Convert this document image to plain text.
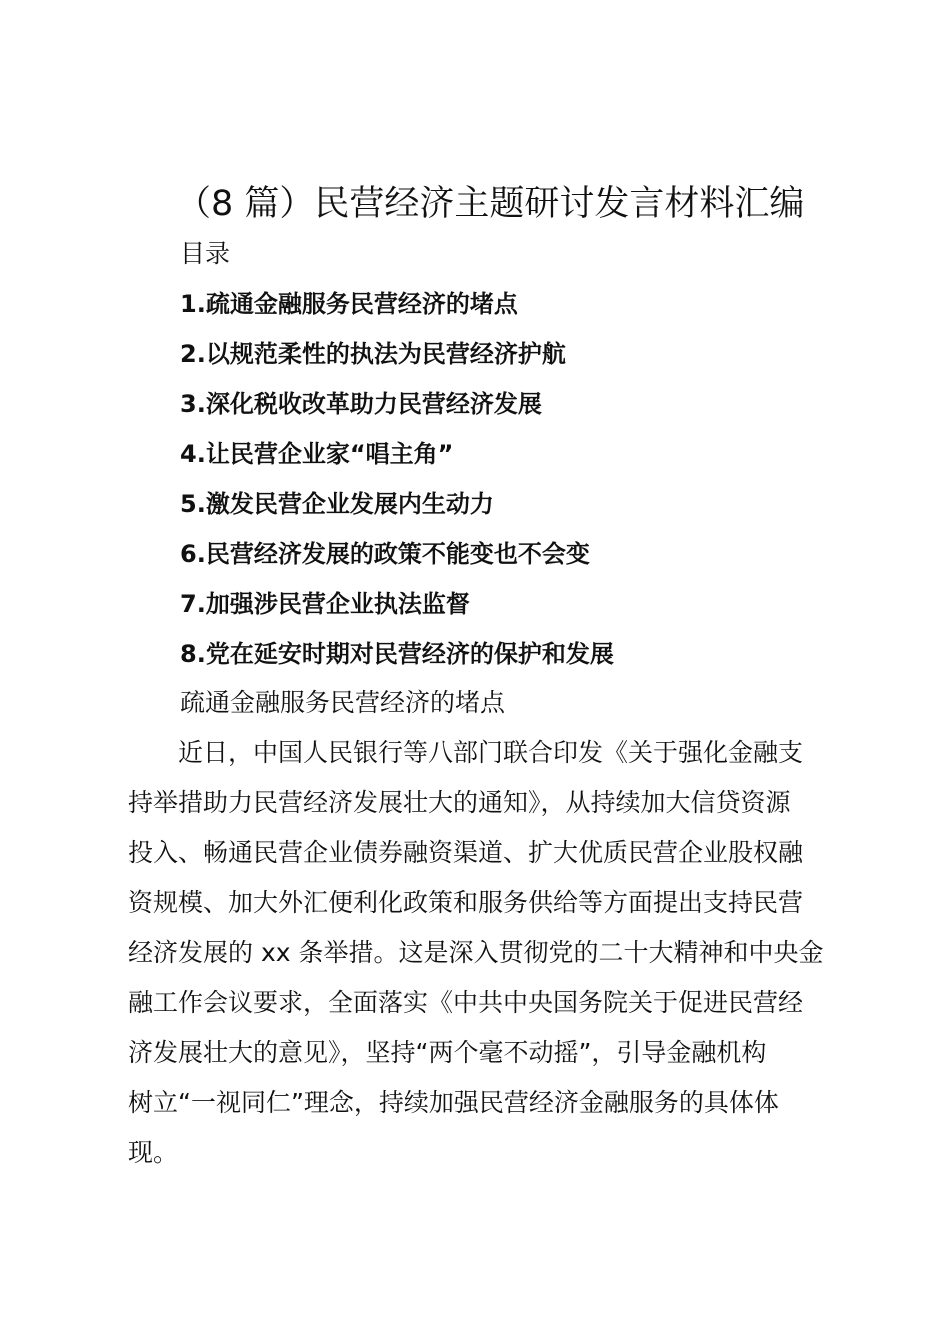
（8 篇）民营经济主题研讨发言材料汇编
目录
1.疏通金融服务民营经济的堵点
2.以规范柔性的执法为民营经济护航
3.深化税收改革助力民营经济发展
4.让民营企业家“唱主角”
5.激发民营企业发展内生动力
6.民营经济发展的政策不能变也不会变
7.加强涉民营企业执法监督
8.党在延安时期对民营经济的保护和发展
疏通金融服务民营经济的堵点
近日，中国人民银行等八部门联合印发《关于强化金融支
持举措助力民营经济发展壮大的通知》，从持续加大信贷资源
投入、畅通民营企业债券融资渠道、扩大优质民营企业股权融
资规模、加大外汇便利化政策和服务供给等方面提出支持民营
经济发展的 xx 条举措。这是深入贯彻党的二十大精神和中央金
融工作会议要求，全面落实《中共中央国务院关于促进民营经
济发展壮大的意见》，坚持“两个毫不动摇”，引导金融机构
树立“一视同仁”理念，持续加强民营经济金融服务的具体体
现。
